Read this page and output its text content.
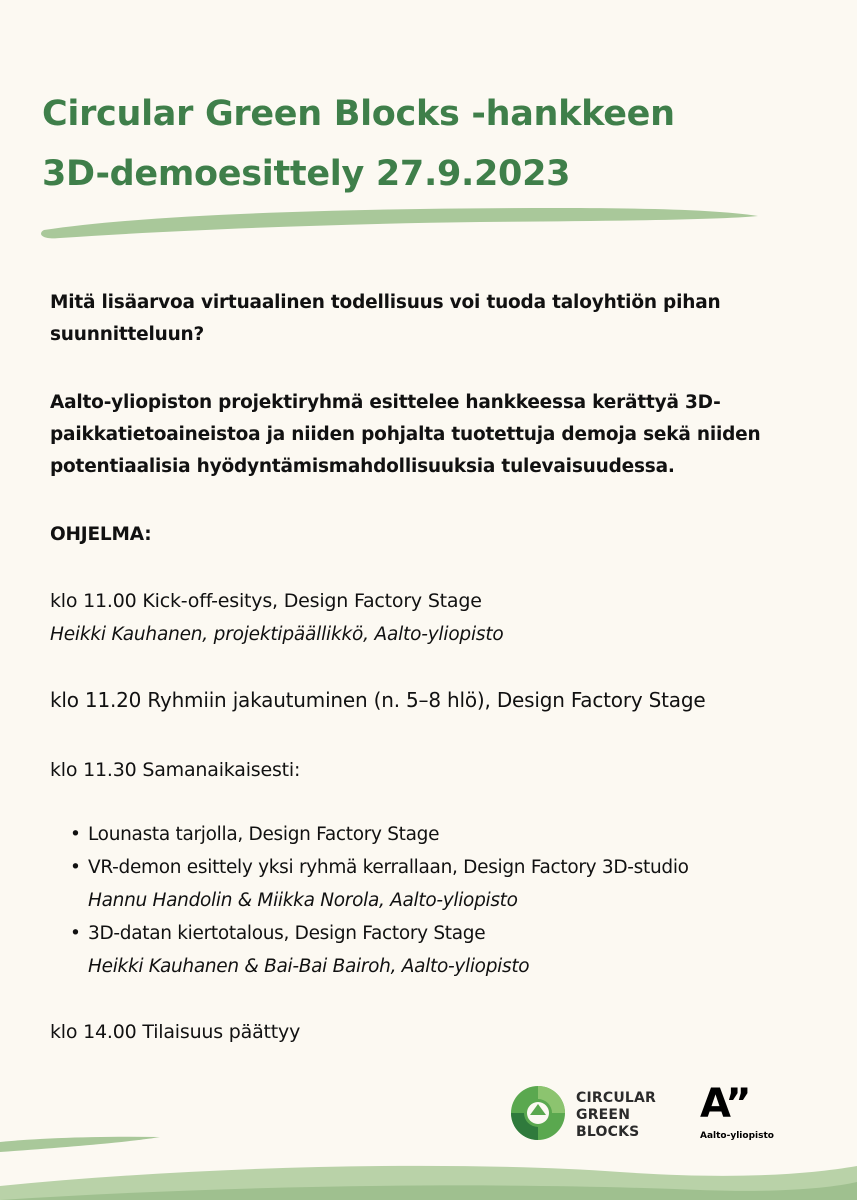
Circular Green Blocks -hankkeen
3D-demoesittely 27.9.2023

Mitä lisäarvoa virtuaalinen todellisuus voi tuoda taloyhtiön pihan suunnitteluun?

Aalto-yliopiston projektiryhmä esittelee hankkeessa kerättyä 3D-
paikkatietoaineistoa ja niiden pohjalta tuotettuja demoja sekä niiden
potentiaalisia hyödyntämismahdollisuuksia tulevaisuudessa.

OHJELMA:

klo 11.00 Kick-off-esitys, Design Factory Stage

Heikki Kauhanen, projektipäällikkö, Aalto-yliopisto

klo 11.20 Ryhmiin jakautuminen (n. 5–8 hlö), Design Factory Stage

klo 11.30 Samanaikaisesti:

• Lounasta tarjolla, Design Factory Stage
• VR-demon esittely yksi ryhmä kerrallaan, Design Factory 3D-studio
Hannu Handolin & Miikka Norola, Aalto-yliopisto
• 3D-datan kiertotalous, Design Factory Stage
Heikki Kauhanen & Bai-Bai Bairoh, Aalto-yliopisto

klo 14.00 Tilaisuus päättyy

CIRCULAR
GREEN
BLOCKS
A”
Aalto-yliopisto
